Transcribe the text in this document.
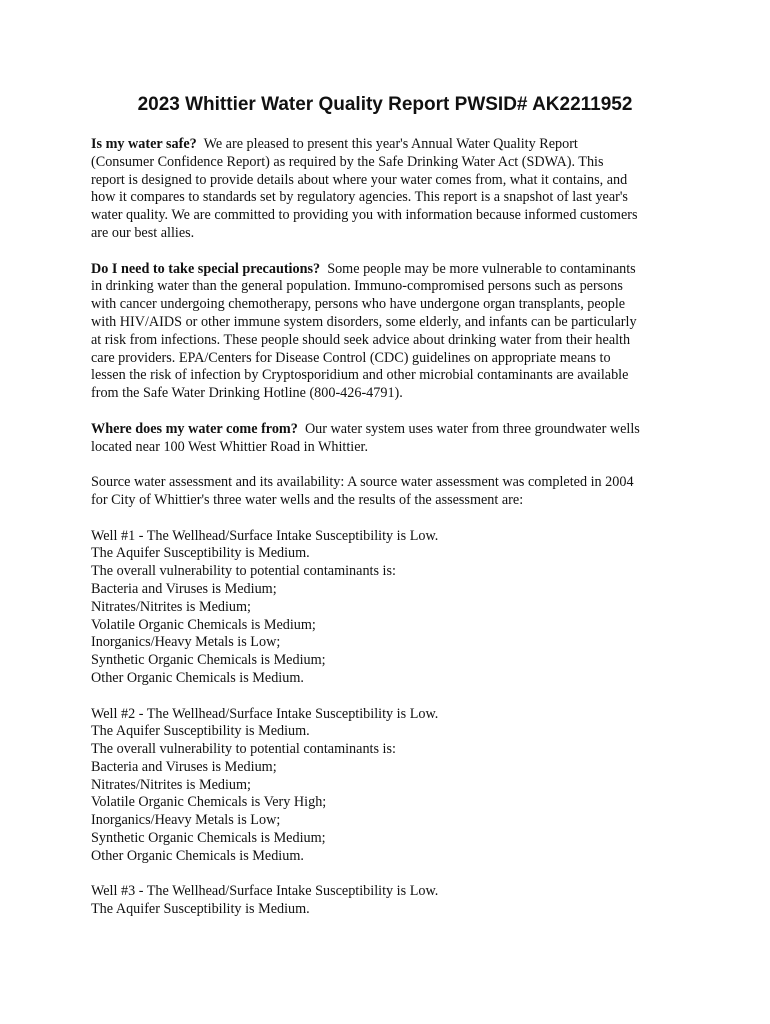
2023 Whittier Water Quality Report PWSID# AK2211952

Is my water safe? We are pleased to present this year's Annual Water Quality Report
(Consumer Confidence Report) as required by the Safe Drinking Water Act (SDWA). This
report is designed to provide details about where your water comes from, what it contains, and
how it compares to standards set by regulatory agencies. This report is a snapshot of last year's
water quality. We are committed to providing you with information because informed customers
are our best allies.

Do I need to take special precautions? Some people may be more vulnerable to contaminants
in drinking water than the general population. Immuno-compromised persons such as persons
with cancer undergoing chemotherapy, persons who have undergone organ transplants, people
with HIV/AIDS or other immune system disorders, some elderly, and infants can be particularly
at risk from infections. These people should seek advice about drinking water from their health
care providers. EPA/Centers for Disease Control (CDC) guidelines on appropriate means to
lessen the risk of infection by Cryptosporidium and other microbial contaminants are available
from the Safe Water Drinking Hotline (800-426-4791).

Where does my water come from? Our water system uses water from three groundwater wells
located near 100 West Whittier Road in Whittier.

Source water assessment and its availability: A source water assessment was completed in 2004
for City of Whittier's three water wells and the results of the assessment are:

Well #1 - The Wellhead/Surface Intake Susceptibility is Low.
The Aquifer Susceptibility is Medium.
The overall vulnerability to potential contaminants is:
Bacteria and Viruses is Medium;
Nitrates/Nitrites is Medium;
Volatile Organic Chemicals is Medium;
Inorganics/Heavy Metals is Low;
Synthetic Organic Chemicals is Medium;
Other Organic Chemicals is Medium.

Well #2 - The Wellhead/Surface Intake Susceptibility is Low.
The Aquifer Susceptibility is Medium.
The overall vulnerability to potential contaminants is:
Bacteria and Viruses is Medium;
Nitrates/Nitrites is Medium;
Volatile Organic Chemicals is Very High;
Inorganics/Heavy Metals is Low;
Synthetic Organic Chemicals is Medium;
Other Organic Chemicals is Medium.

Well #3 - The Wellhead/Surface Intake Susceptibility is Low.
The Aquifer Susceptibility is Medium.
